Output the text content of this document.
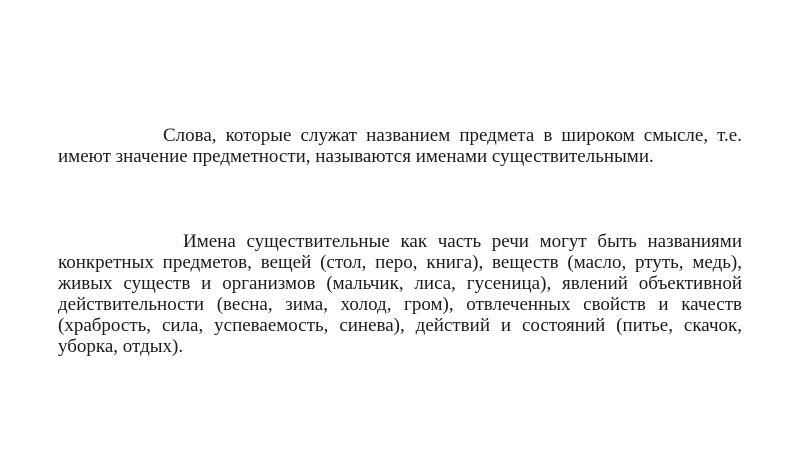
Слова, которые служат названием предмета в широком смысле, т.е. имеют значение предметности, называются именами существительными.

Имена существительные как часть речи могут быть названиями конкретных предметов, вещей (стол, перо, книга), веществ (масло, ртуть, медь), живых существ и организмов (мальчик, лиса, гусеница), явлений объективной действительности (весна, зима, холод, гром), отвлеченных свойств и качеств (храбрость, сила, успеваемость, синева), действий и состояний (питье, скачок, уборка, отдых).
